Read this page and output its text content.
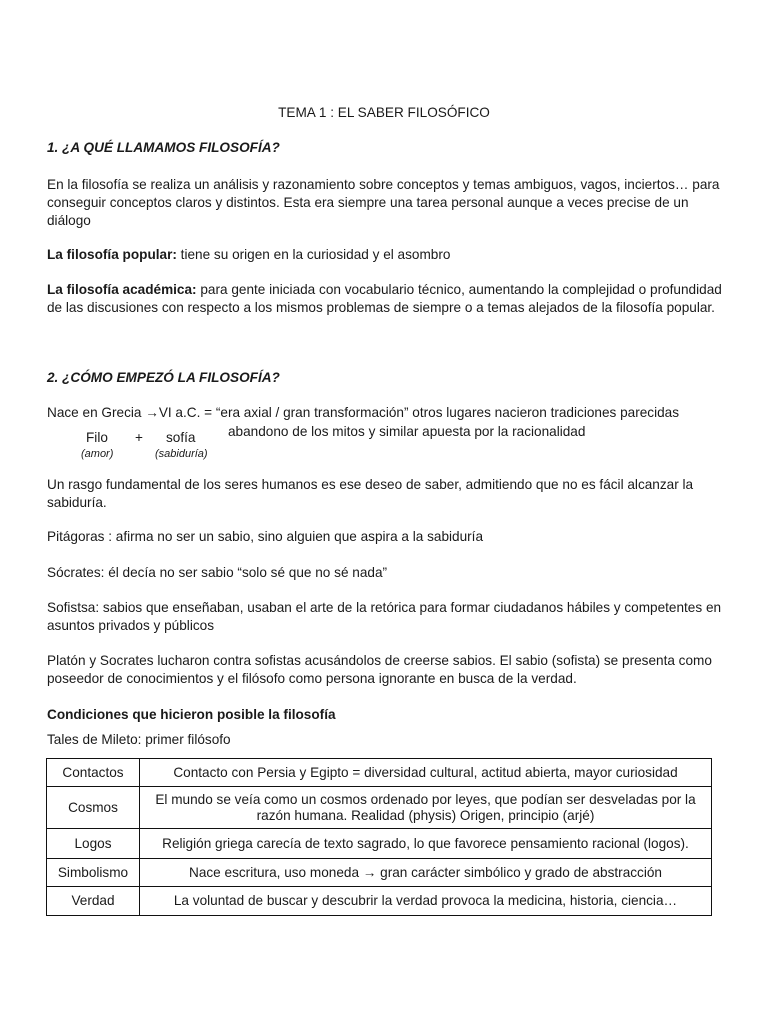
TEMA 1 : EL SABER FILOSÓFICO
1. ¿A QUÉ LLAMAMOS FILOSOFÍA?
En la filosofía se realiza un análisis y razonamiento sobre conceptos y temas ambiguos, vagos, inciertos… para conseguir conceptos claros y distintos. Esta era siempre una tarea personal aunque a veces precise de un diálogo
La filosofía popular: tiene su origen en la curiosidad y el asombro
La filosofía académica: para gente iniciada con vocabulario técnico, aumentando la complejidad o profundidad de las discusiones con respecto a los mismos problemas de siempre o a temas alejados de la filosofía popular.
2. ¿CÓMO EMPEZÓ LA FILOSOFÍA?
Nace en Grecia →VI a.C. = “era axial / gran transformación” otros lugares nacieron tradiciones parecidas
abandono de los mitos y similar apuesta por la racionalidad
Filo + sofía
(amor)	(sabiduría)
Un rasgo fundamental de los seres humanos es ese deseo de saber, admitiendo que no es fácil alcanzar la sabiduría.
Pitágoras : afirma no ser un sabio, sino alguien que aspira a la sabiduría
Sócrates: él decía no ser sabio “solo sé que no sé nada”
Sofistsa: sabios que enseñaban, usaban el arte de la retórica para formar ciudadanos hábiles y competentes en asuntos privados y públicos
Platón y Socrates lucharon contra sofistas acusándolos de creerse sabios. El sabio (sofista) se presenta como poseedor de conocimientos y el filósofo como persona ignorante en busca de la verdad.
Condiciones que hicieron posible la filosofía
Tales de Mileto: primer filósofo
Contactos	Contacto con Persia y Egipto = diversidad cultural, actitud abierta, mayor curiosidad
Cosmos	El mundo se veía como un cosmos ordenado por leyes, que podían ser desveladas por la razón humana. Realidad (physis) Origen, principio (arjé)
Logos	Religión griega carecía de texto sagrado, lo que favorece pensamiento racional (logos).
Simbolismo	Nace escritura, uso moneda → gran carácter simbólico y grado de abstracción
Verdad	La voluntad de buscar y descubrir la verdad provoca la medicina, historia, ciencia…
